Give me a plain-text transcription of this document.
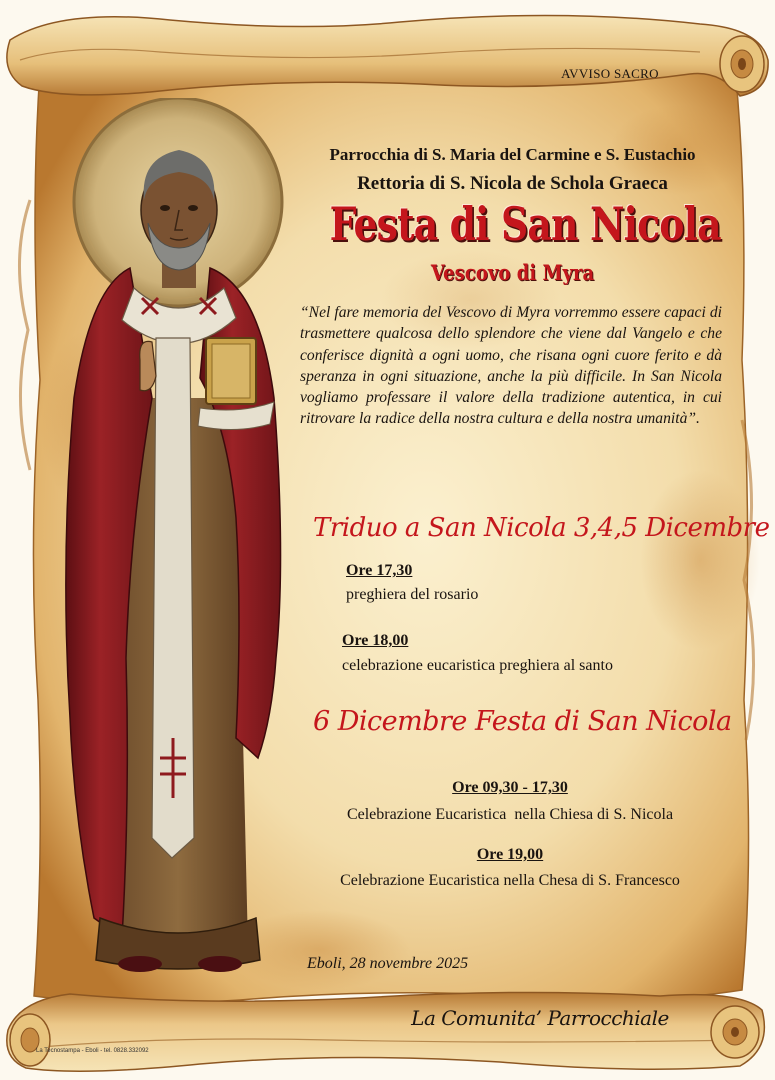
AVVISO SACRO

Parrocchia di S. Maria del Carmine e S. Eustachio

Rettoria di S. Nicola de Schola Graeca

Festa di San Nicola

Vescovo di Myra

“Nel fare memoria del Vescovo di Myra vorremmo essere capaci di trasmettere qualcosa dello splendore che viene dal Vangelo e che conferisce dignità a ogni uomo, che risana ogni cuore ferito e dà speranza in ogni situazione, anche la più difficile. In San Nicola vogliamo professare il valore della tradizione autentica, in cui ritrovare la radice della nostra cultura e della nostra umanità”.

Triduo a San Nicola 3,4,5 Dicembre

Ore 17,30

preghiera del rosario

Ore 18,00

celebrazione eucaristica preghiera al santo

6 Dicembre Festa di San Nicola

Ore 09,30 - 17,30

Celebrazione Eucaristica  nella Chiesa di S. Nicola

Ore 19,00

Celebrazione Eucaristica nella Chesa di S. Francesco

Eboli, 28 novembre 2025

La Comunita’ Parrocchiale

La Tecnostampa - Eboli - tel. 0828.332092
